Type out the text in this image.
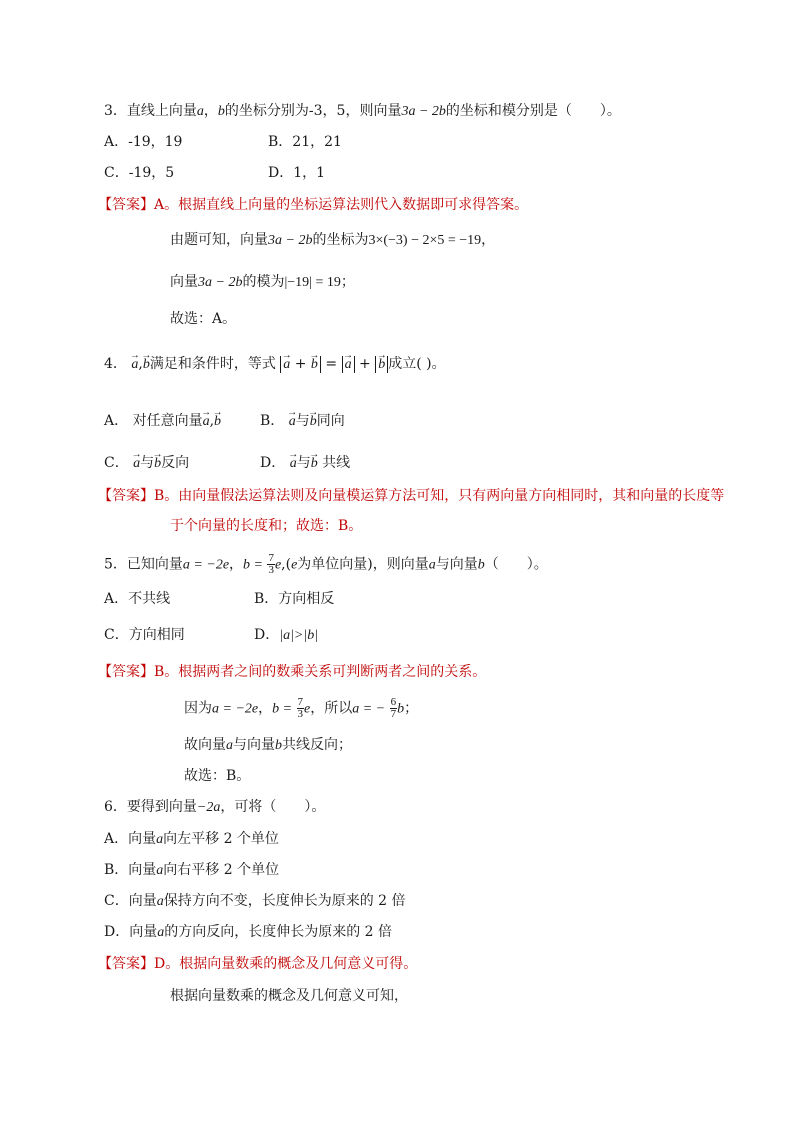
3．直线上向量a，b的坐标分别为-3，5，则向量3a − 2b的坐标和模分别是（　　）。
A．-19，19	B．21，21
C．-19，5	D．1，1
【答案】A。根据直线上向量的坐标运算法则代入数据即可求得答案。
由题可知，向量3a − 2b的坐标为3×(−3) − 2×5 = −19，
向量3a − 2b的模为|−19| = 19；
故选：A。
4．
→
a,
→
b满足和条件时，等式
→
a +
→
b =
→
a +
→
b 成立( )。
A． 对任意向量
→
a,
→
b	B．
→
a与
→
b同向
C．
→
a与
→
b反向	D．
→
a与
→
b 共线
【答案】B。由向量假法运算法则及向量模运算方法可知，只有两向量方向相同时，其和向量的长度等
于个向量的长度和；故选：B。
5．已知向量a = −2e，$b = \frac{7}{3} e,(e$为单位向量)，则向量a与向量b（　　）。
A．不共线	B．方向相反
C．方向相同	D．|a|>|b|
【答案】B。根据两者之间的数乘关系可判断两者之间的关系。
因为a = −2e，$b = \frac{7}{3}$ e，所以a = − $\frac{6}{7}$ b；
故向量a与向量b共线反向；
故选：B。
6．要得到向量−2a，可将（　　）。
A．向量a向左平移 2 个单位
B．向量a向右平移 2 个单位
C．向量a保持方向不变，长度伸长为原来的 2 倍
D．向量a的方向反向，长度伸长为原来的 2 倍
【答案】D。根据向量数乘的概念及几何意义可得。
根据向量数乘的概念及几何意义可知，
